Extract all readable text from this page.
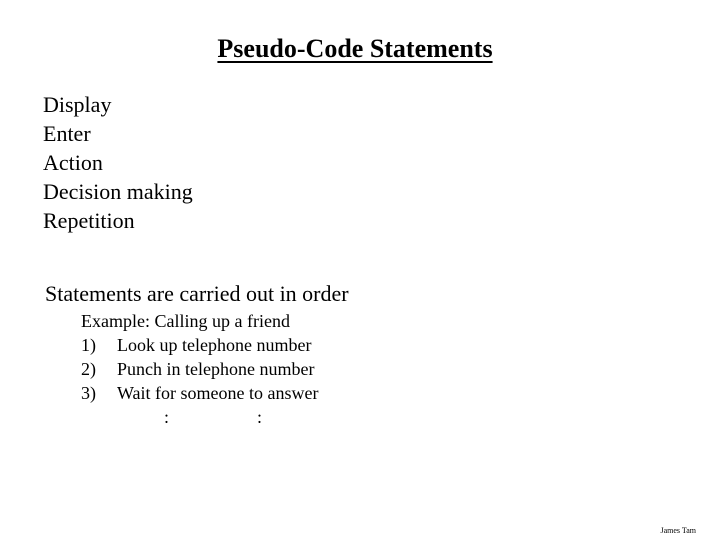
Pseudo-Code Statements
Display
Enter
Action
Decision making
Repetition
Statements are carried out in order
Example: Calling up a friend
1)	Look up telephone number
2)	Punch in telephone number
3)	Wait for someone to answer
:	:
James Tam
